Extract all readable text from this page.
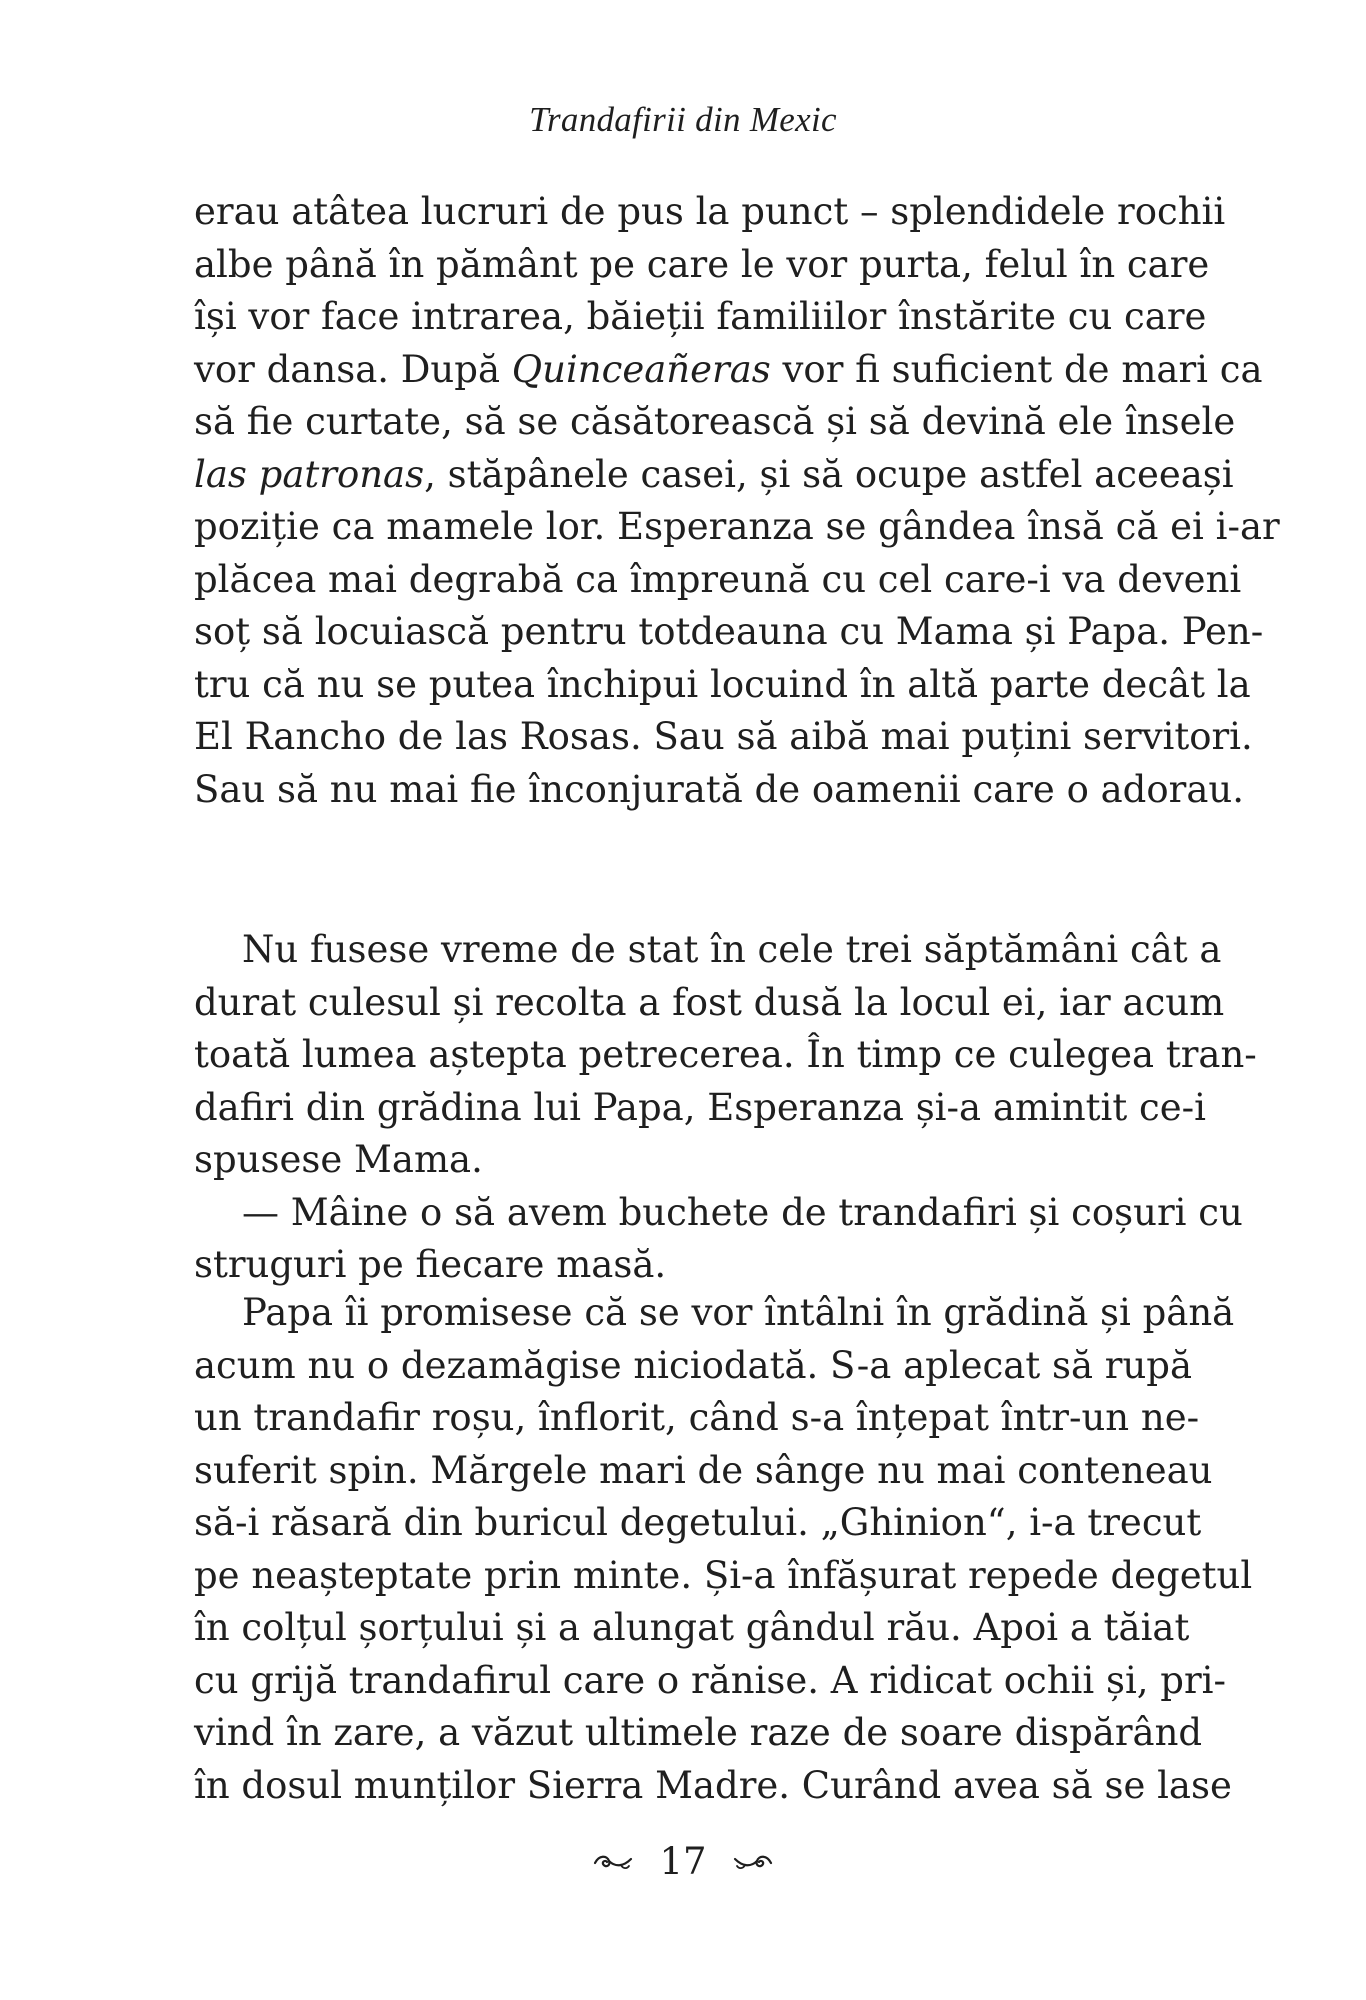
Trandafirii din Mexic
erau atâtea lucruri de pus la punct – splendidele rochii
albe până în pământ pe care le vor purta, felul în care
își vor face intrarea, băieții familiilor înstărite cu care
vor dansa. După Quinceañeras vor fi suficient de mari ca
să fie curtate, să se căsătorească și să devină ele însele
las patronas, stăpânele casei, și să ocupe astfel aceeași
poziție ca mamele lor. Esperanza se gândea însă că ei i-ar
plăcea mai degrabă ca împreună cu cel care-i va deveni
soț să locuiască pentru totdeauna cu Mama și Papa. Pen-
tru că nu se putea închipui locuind în altă parte decât la
El Rancho de las Rosas. Sau să aibă mai puțini servitori.
Sau să nu mai fie înconjurată de oamenii care o adorau.
Nu fusese vreme de stat în cele trei săptămâni cât a
durat culesul și recolta a fost dusă la locul ei, iar acum
toată lumea aștepta petrecerea. În timp ce culegea tran-
dafiri din grădina lui Papa, Esperanza și-a amintit ce-i
spusese Mama.
— Mâine o să avem buchete de trandafiri și coșuri cu
struguri pe fiecare masă.
Papa îi promisese că se vor întâlni în grădină și până
acum nu o dezamăgise niciodată. S-a aplecat să rupă
un trandafir roșu, înflorit, când s-a înțepat într-un ne-
suferit spin. Mărgele mari de sânge nu mai conteneau
să-i răsară din buricul degetului. „Ghinion“, i-a trecut
pe neașteptate prin minte. Și-a înfășurat repede degetul
în colțul șorțului și a alungat gândul rău. Apoi a tăiat
cu grijă trandafirul care o rănise. A ridicat ochii și, pri-
vind în zare, a văzut ultimele raze de soare dispărând
în dosul munților Sierra Madre. Curând avea să se lase
17
